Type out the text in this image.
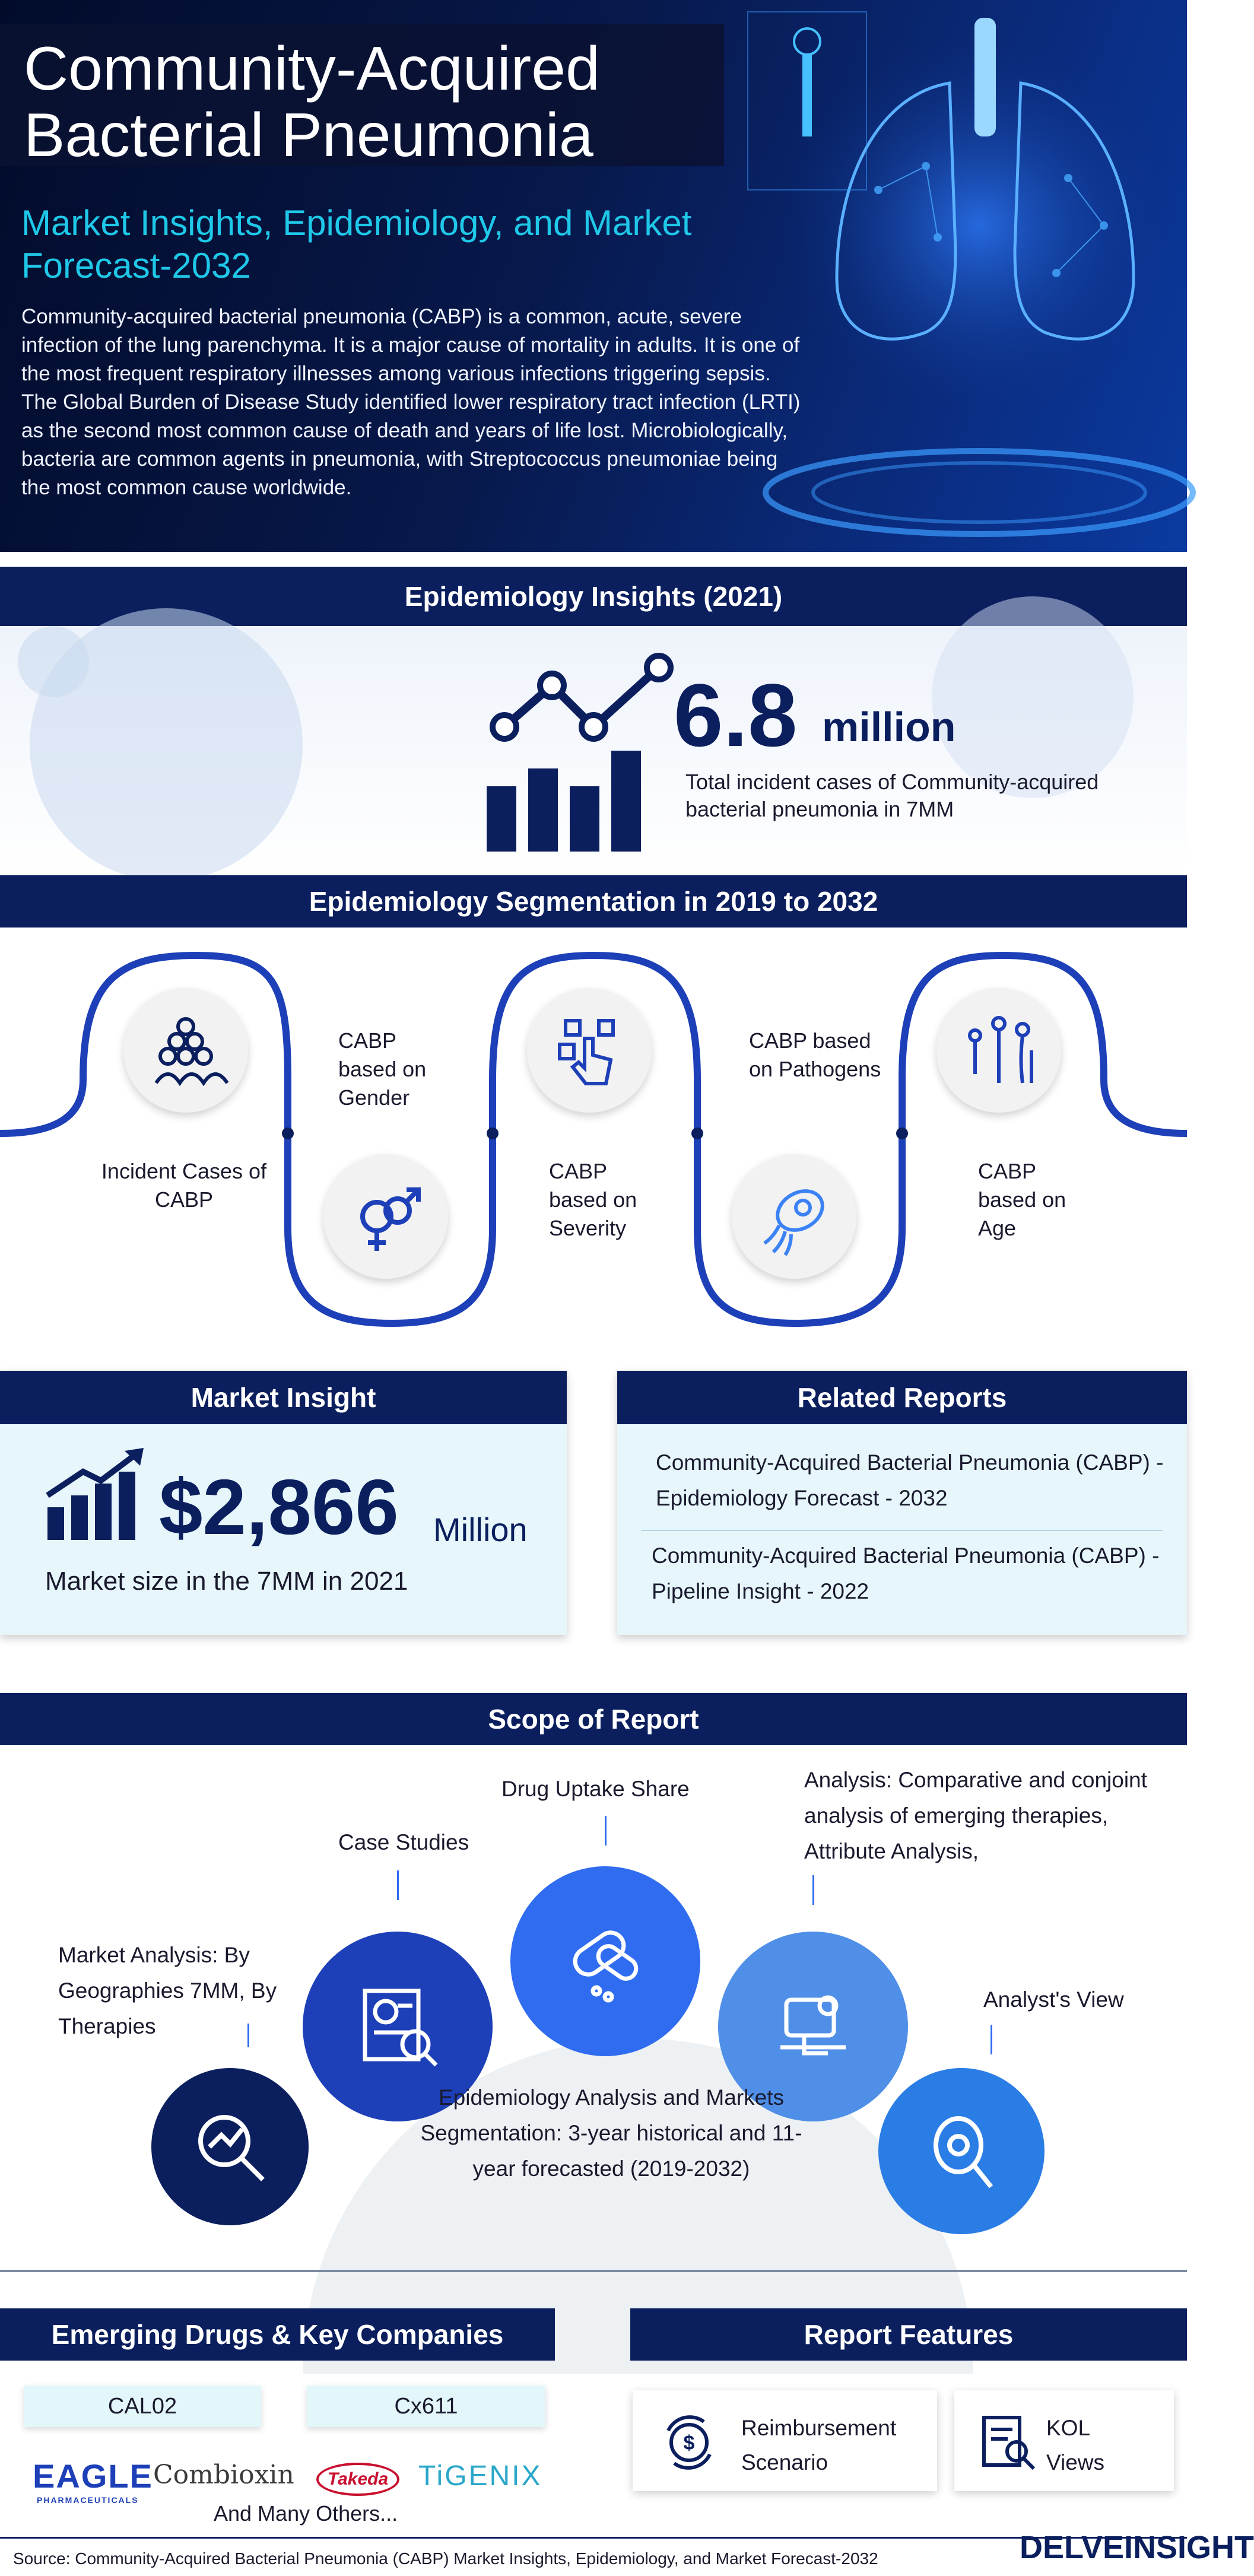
Community-Acquired Bacterial Pneumonia
Market Insights, Epidemiology, and Market Forecast-2032

Community-acquired bacterial pneumonia (CABP) is a common, acute, severe infection of the lung parenchyma. It is a major cause of mortality in adults. It is one of the most frequent respiratory illnesses among various infections triggering sepsis. The Global Burden of Disease Study identified lower respiratory tract infection (LRTI) as the second most common cause of death and years of life lost. Microbiologically, bacteria are common agents in pneumonia, with Streptococcus pneumoniae being the most common cause worldwide.

Epidemiology Insights (2021)
6.8 million
Total incident cases of Community-acquired bacterial pneumonia in 7MM
Epidemiology Segmentation in 2019 to 2032
Incident Cases of CABP
CABP based on Gender
CABP based on Severity
CABP based on Pathogens
CABP based on Age
Market Insight
$2,866 Million
Market size in the 7MM in 2021
Related Reports
Community-Acquired Bacterial Pneumonia (CABP) - Epidemiology Forecast - 2032
Community-Acquired Bacterial Pneumonia (CABP) - Pipeline Insight - 2022
Scope of Report
Market Analysis: By Geographies 7MM, By Therapies
Case Studies
Drug Uptake Share	Analysis: Comparative and conjoint analysis of emerging therapies, Attribute Analysis,
Analyst's View
Epidemiology Analysis and Markets Segmentation: 3-year historical and 11-year forecasted (2019-2032)
Emerging Drugs & Key Companies	Report Features
CAL02	Cx611
EAGLE
PHARMACEUTICALS
Combioxin	Takeda	TiGENIX
And Many Others...
$
Reimbursement Scenario
KOL Views
Source: Community-Acquired Bacterial Pneumonia (CABP) Market Insights, Epidemiology, and Market Forecast-2032	DELVEINSIGHT
